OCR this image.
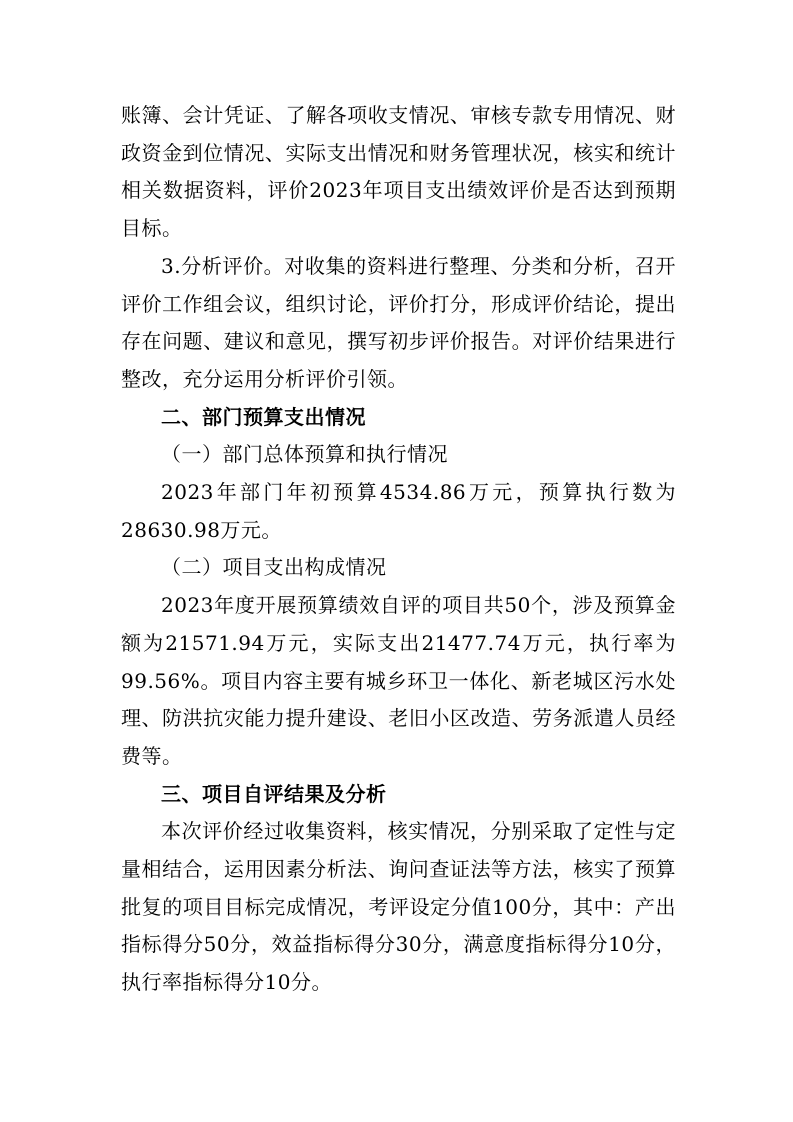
账簿、会计凭证、了解各项收支情况、审核专款专用情况、财政资金到位情况、实际支出情况和财务管理状况，核实和统计相关数据资料，评价2023年项目支出绩效评价是否达到预期目标。

3.分析评价。对收集的资料进行整理、分类和分析，召开评价工作组会议，组织讨论，评价打分，形成评价结论，提出存在问题、建议和意见，撰写初步评价报告。对评价结果进行整改，充分运用分析评价引领。

二、部门预算支出情况

（一）部门总体预算和执行情况

2023年部门年初预算4534.86万元，预算执行数为28630.98万元。

（二）项目支出构成情况

2023年度开展预算绩效自评的项目共50个，涉及预算金额为21571.94万元，实际支出21477.74万元，执行率为99.56%。项目内容主要有城乡环卫一体化、新老城区污水处理、防洪抗灾能力提升建设、老旧小区改造、劳务派遣人员经费等。

三、项目自评结果及分析

本次评价经过收集资料，核实情况，分别采取了定性与定量相结合，运用因素分析法、询问查证法等方法，核实了预算批复的项目目标完成情况，考评设定分值100分，其中：产出指标得分50分，效益指标得分30分，满意度指标得分10分，执行率指标得分10分。
